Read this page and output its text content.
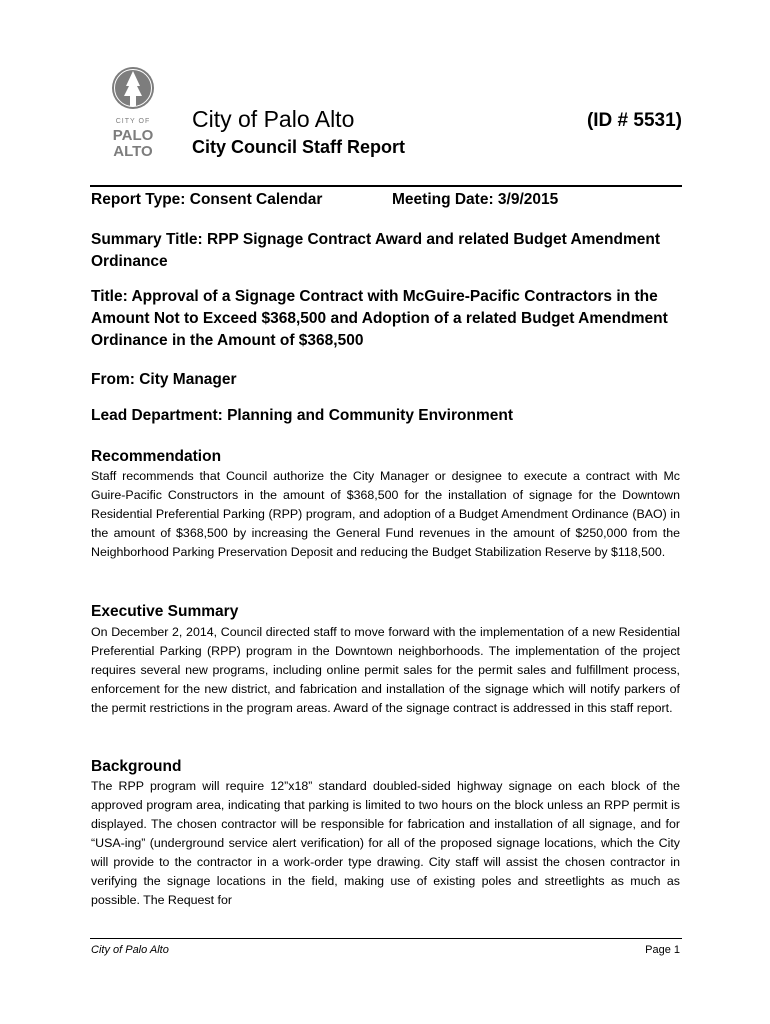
CITY OF
PALO
ALTO
City of Palo Alto	(ID # 5531)
City Council Staff Report
Report Type: Consent Calendar	Meeting Date: 3/9/2015
Summary Title: RPP Signage Contract Award and related Budget Amendment Ordinance
Title: Approval of a Signage Contract with McGuire-Pacific Contractors in the Amount Not to Exceed $368,500 and Adoption of a related Budget Amendment Ordinance in the Amount of $368,500
From: City Manager
Lead Department: Planning and Community Environment
Recommendation
Staff recommends that Council authorize the City Manager or designee to execute a contract with Mc Guire-Pacific Constructors in the amount of $368,500 for the installation of signage for the Downtown Residential Preferential Parking (RPP) program, and adoption of a Budget Amendment Ordinance (BAO) in the amount of $368,500 by increasing the General Fund revenues in the amount of $250,000 from the Neighborhood Parking Preservation Deposit and reducing the Budget Stabilization Reserve by $118,500.
Executive Summary
On December 2, 2014, Council directed staff to move forward with the implementation of a new Residential Preferential Parking (RPP) program in the Downtown neighborhoods. The implementation of the project requires several new programs, including online permit sales for the permit sales and fulfillment process, enforcement for the new district, and fabrication and installation of the signage which will notify parkers of the permit restrictions in the program areas. Award of the signage contract is addressed in this staff report.
Background
The RPP program will require 12”x18” standard doubled-sided highway signage on each block of the approved program area, indicating that parking is limited to two hours on the block unless an RPP permit is displayed. The chosen contractor will be responsible for fabrication and installation of all signage, and for “USA-ing” (underground service alert verification) for all of the proposed signage locations, which the City will provide to the contractor in a work-order type drawing. City staff will assist the chosen contractor in verifying the signage locations in the field, making use of existing poles and streetlights as much as possible. The Request for
City of Palo Alto	Page 1
